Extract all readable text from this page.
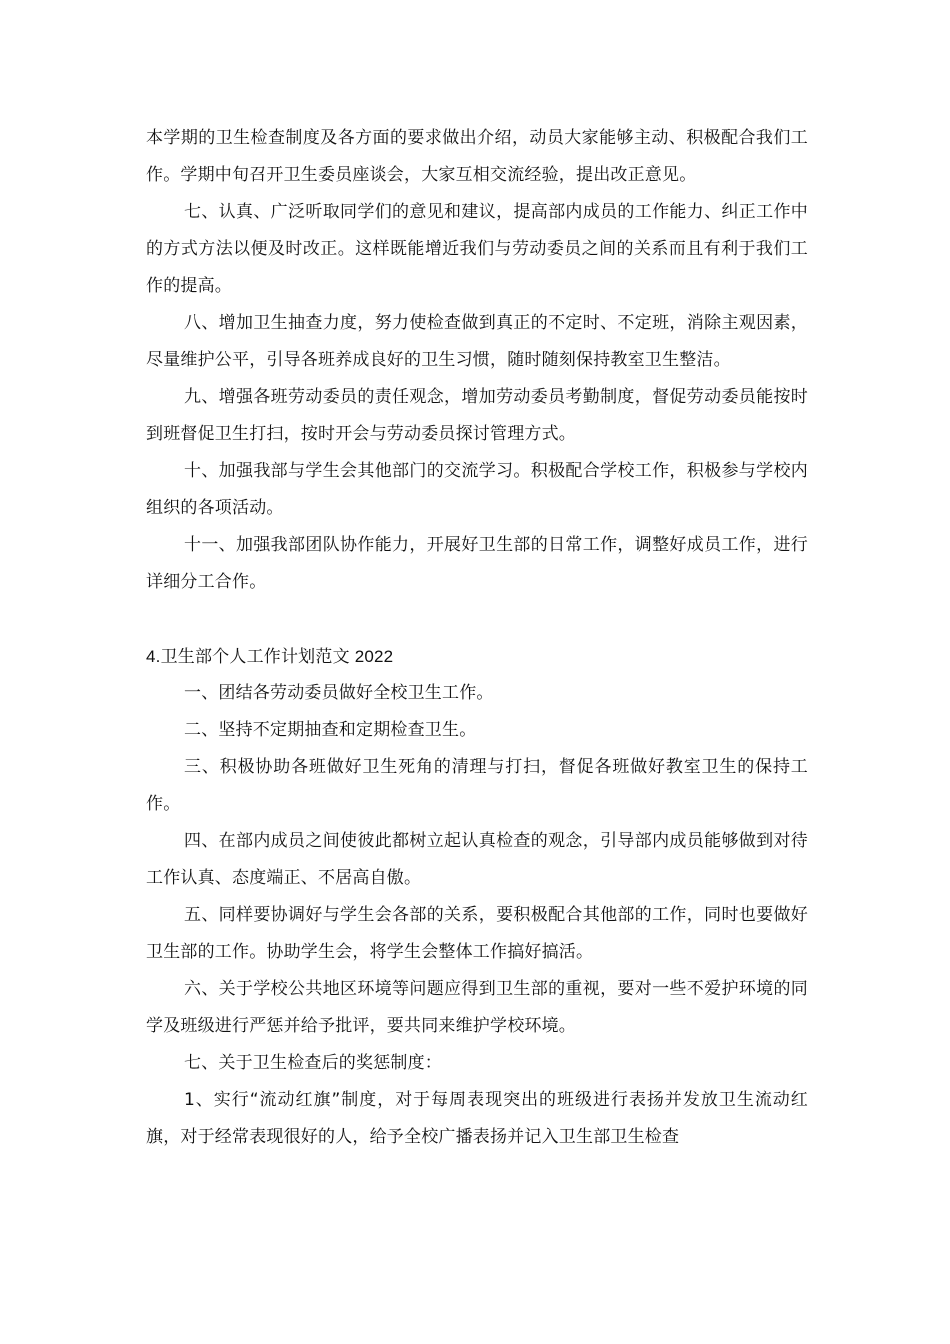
本学期的卫生检查制度及各方面的要求做出介绍，动员大家能够主动、积极配合我们工作。学期中旬召开卫生委员座谈会，大家互相交流经验，提出改正意见。

七、认真、广泛听取同学们的意见和建议，提高部内成员的工作能力、纠正工作中的方式方法以便及时改正。这样既能增近我们与劳动委员之间的关系而且有利于我们工作的提高。

八、增加卫生抽查力度，努力使检查做到真正的不定时、不定班，消除主观因素，尽量维护公平，引导各班养成良好的卫生习惯，随时随刻保持教室卫生整洁。

九、增强各班劳动委员的责任观念，增加劳动委员考勤制度，督促劳动委员能按时到班督促卫生打扫，按时开会与劳动委员探讨管理方式。

十、加强我部与学生会其他部门的交流学习。积极配合学校工作，积极参与学校内组织的各项活动。

十一、加强我部团队协作能力，开展好卫生部的日常工作，调整好成员工作，进行详细分工合作。

4.卫生部个人工作计划范文 2022

一、团结各劳动委员做好全校卫生工作。

二、坚持不定期抽查和定期检查卫生。

三、积极协助各班做好卫生死角的清理与打扫，督促各班做好教室卫生的保持工作。

四、在部内成员之间使彼此都树立起认真检查的观念，引导部内成员能够做到对待工作认真、态度端正、不居高自傲。

五、同样要协调好与学生会各部的关系，要积极配合其他部的工作，同时也要做好卫生部的工作。协助学生会，将学生会整体工作搞好搞活。

六、关于学校公共地区环境等问题应得到卫生部的重视，要对一些不爱护环境的同学及班级进行严惩并给予批评，要共同来维护学校环境。

七、关于卫生检查后的奖惩制度：

1、实行“流动红旗”制度，对于每周表现突出的班级进行表扬并发放卫生流动红旗，对于经常表现很好的人，给予全校广播表扬并记入卫生部卫生检查
